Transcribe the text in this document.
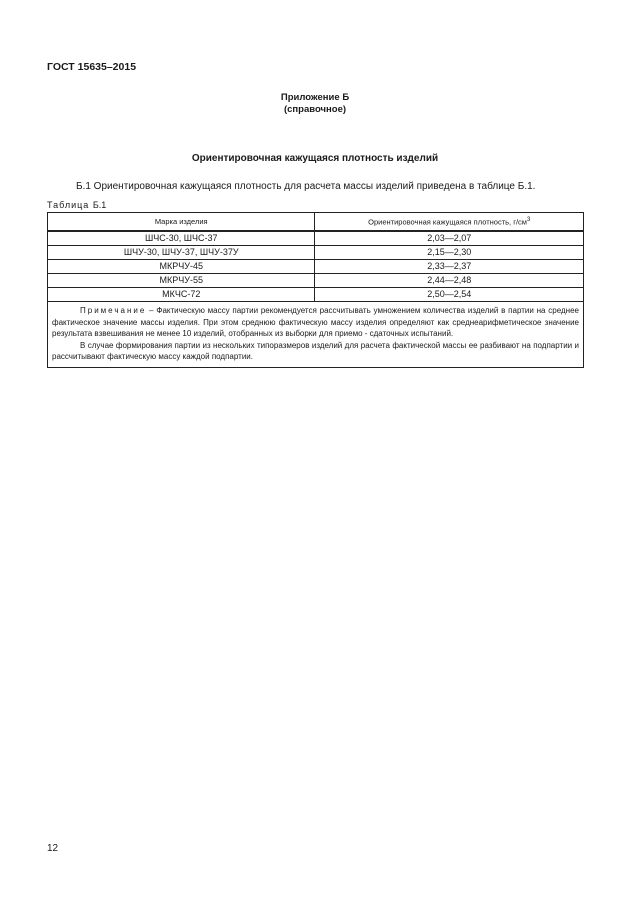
ГОСТ 15635–2015
Приложение Б
(справочное)
Ориентировочная кажущаяся плотность изделий
Б.1 Ориентировочная кажущаяся плотность для расчета массы изделий приведена в таблице Б.1.
Таблица Б.1
Марка изделия	Ориентировочная кажущаяся плотность, $г/см^3$
ШЧС-30, ШЧС-37	2,03—2,07
ШЧУ-30, ШЧУ-37, ШЧУ-37У	2,15—2,30
МКРЧУ-45	2,33—2,37
МКРЧУ-55	2,44—2,48
МКЧС-72	2,50—2,54

Примечание – Фактическую массу партии рекомендуется рассчитывать умножением количества изделий в партии на среднее фактическое значение массы изделия. При этом среднюю фактическую массу изделия определяют как среднеарифметическое значение результата взвешивания не менее 10 изделий, отобранных из выборки для приемо - сдаточных испытаний.

В случае формирования партии из нескольких типоразмеров изделий для расчета фактической массы ее разбивают на подпартии и рассчитывают фактическую массу каждой подпартии.	

12
